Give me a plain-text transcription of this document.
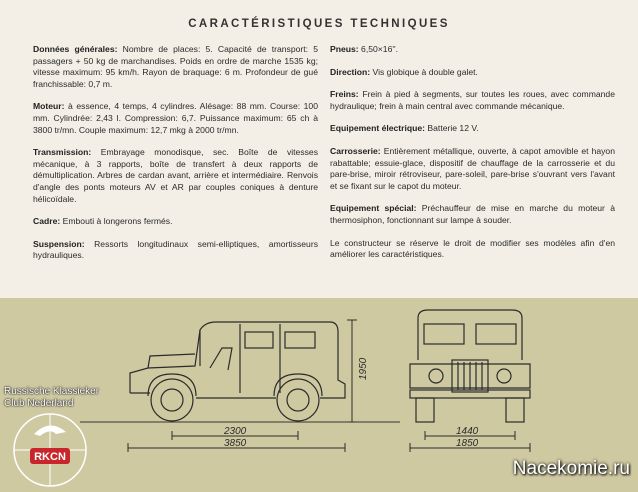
CARACTÉRISTIQUES TECHNIQUES

Données générales: Nombre de places: 5. Capacité de transport: 5 passagers + 50 kg de marchandises. Poids en ordre de marche 1535 kg; vitesse maximum: 95 km/h. Rayon de braquage: 6 m. Profondeur de gué franchissable: 0,7 m.

Moteur: à essence, 4 temps, 4 cylindres. Alésage: 88 mm. Course: 100 mm. Cylindrée: 2,43 l. Compression: 6,7. Puissance maximum: 65 ch à 3800 tr/mn. Couple maximum: 12,7 mkg à 2000 tr/mn.

Transmission: Embrayage monodisque, sec. Boîte de vitesses mécanique, à 3 rapports, boîte de transfert à deux rapports de démultiplication. Arbres de cardan avant, arrière et intermédiaire. Renvois d'angle des ponts moteurs AV et AR par couples coniques à denture hélicoïdale.

Cadre: Embouti à longerons fermés.

Suspension: Ressorts longitudinaux semi-elliptiques, amortisseurs hydrauliques.

Pneus: 6,50×16''.

Direction: Vis globique à double galet.

Freins: Frein à pied à segments, sur toutes les roues, avec commande hydraulique; frein à main central avec commande mécanique.

Equipement électrique: Batterie 12 V.

Carrosserie: Entièrement métallique, ouverte, à capot amovible et hayon rabattable; essuie-glace, dispositif de chauffage de la carrosserie et du pare-brise, miroir rétroviseur, pare-soleil, pare-brise s'ouvrant vers l'avant et se fixant sur le capot du moteur.

Equipement spécial: Préchauffeur de mise en marche du moteur à thermosiphon, fonctionnant sur lampe à souder.

Le constructeur se réserve le droit de modifier ses modèles afin d'en améliorer les caractéristiques.

1950
2300
3850
1440
1850
Russische Klassieker
Club Nederland
RKCN
Nacekomie.ru
